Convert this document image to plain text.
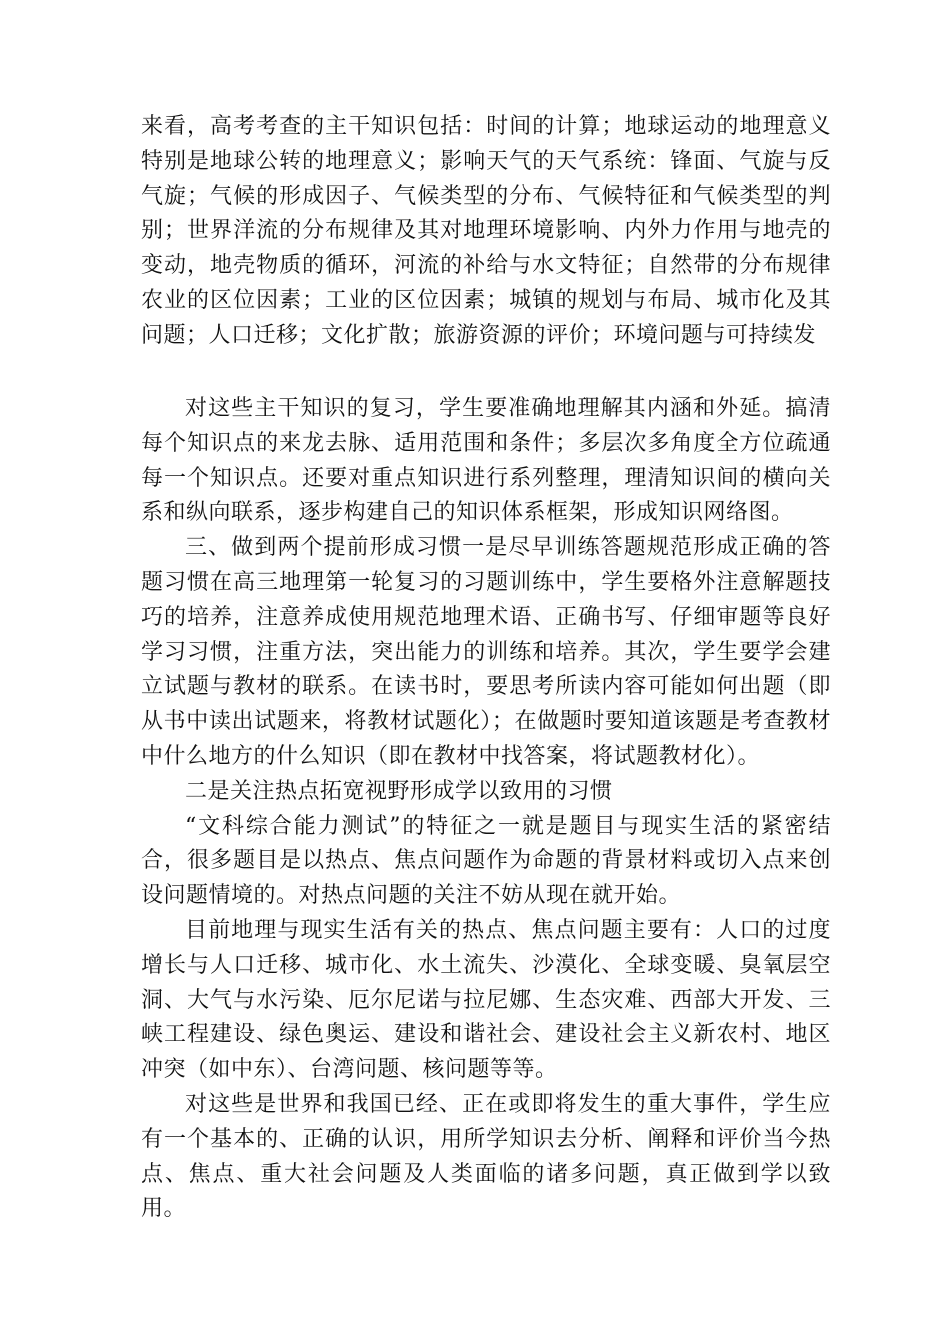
来看，高考考查的主干知识包括：时间的计算；地球运动的地理意义特别是地球公转的地理意义；影响天气的天气系统：锋面、气旋与反气旋；气候的形成因子、气候类型的分布、气候特征和气候类型的判别；世界洋流的分布规律及其对地理环境影响、内外力作用与地壳的变动，地壳物质的循环，河流的补给与水文特征；自然带的分布规律农业的区位因素；工业的区位因素；城镇的规划与布局、城市化及其问题；人口迁移；文化扩散；旅游资源的评价；环境问题与可持续发

对这些主干知识的复习，学生要准确地理解其内涵和外延。搞清每个知识点的来龙去脉、适用范围和条件；多层次多角度全方位疏通每一个知识点。还要对重点知识进行系列整理，理清知识间的横向关系和纵向联系，逐步构建自己的知识体系框架，形成知识网络图。

三、做到两个提前形成习惯一是尽早训练答题规范形成正确的答题习惯在高三地理第一轮复习的习题训练中，学生要格外注意解题技巧的培养，注意养成使用规范地理术语、正确书写、仔细审题等良好学习习惯，注重方法，突出能力的训练和培养。其次，学生要学会建立试题与教材的联系。在读书时，要思考所读内容可能如何出题（即从书中读出试题来，将教材试题化）；在做题时要知道该题是考查教材中什么地方的什么知识（即在教材中找答案，将试题教材化）。

二是关注热点拓宽视野形成学以致用的习惯

“文科综合能力测试”的特征之一就是题目与现实生活的紧密结合，很多题目是以热点、焦点问题作为命题的背景材料或切入点来创设问题情境的。对热点问题的关注不妨从现在就开始。

目前地理与现实生活有关的热点、焦点问题主要有：人口的过度增长与人口迁移、城市化、水土流失、沙漠化、全球变暖、臭氧层空洞、大气与水污染、厄尔尼诺与拉尼娜、生态灾难、西部大开发、三峡工程建设、绿色奥运、建设和谐社会、建设社会主义新农村、地区冲突（如中东）、台湾问题、核问题等等。

对这些是世界和我国已经、正在或即将发生的重大事件，学生应有一个基本的、正确的认识，用所学知识去分析、阐释和评价当今热点、焦点、重大社会问题及人类面临的诸多问题，真正做到学以致用。
